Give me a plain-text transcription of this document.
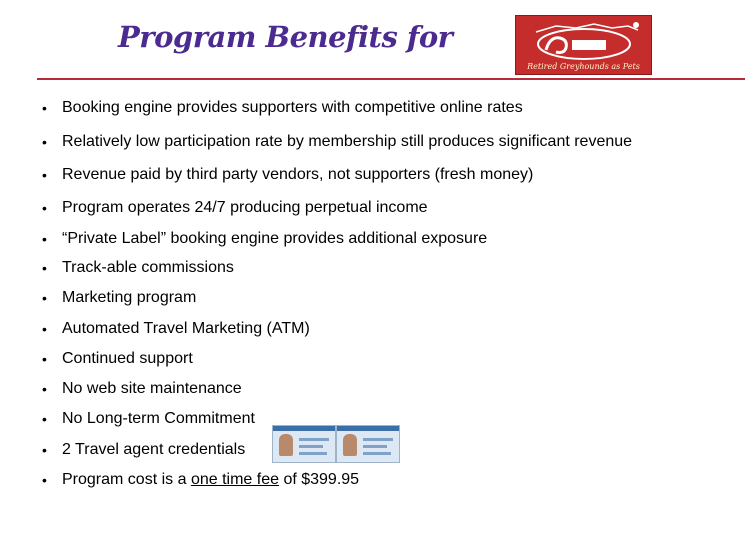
Program Benefits for
Retired Greyhounds as Pets
• Booking engine provides supporters with competitive online rates
• Relatively low participation rate by membership still produces significant revenue
• Revenue paid by third party vendors, not supporters (fresh money)
• Program operates 24/7 producing perpetual income
• “Private Label” booking engine provides additional exposure
• Track-able commissions
• Marketing program
• Automated Travel Marketing (ATM)
• Continued support
• No web site maintenance
• No Long-term Commitment
• 2 Travel agent credentials
• Program cost is a one time fee of $399.95
